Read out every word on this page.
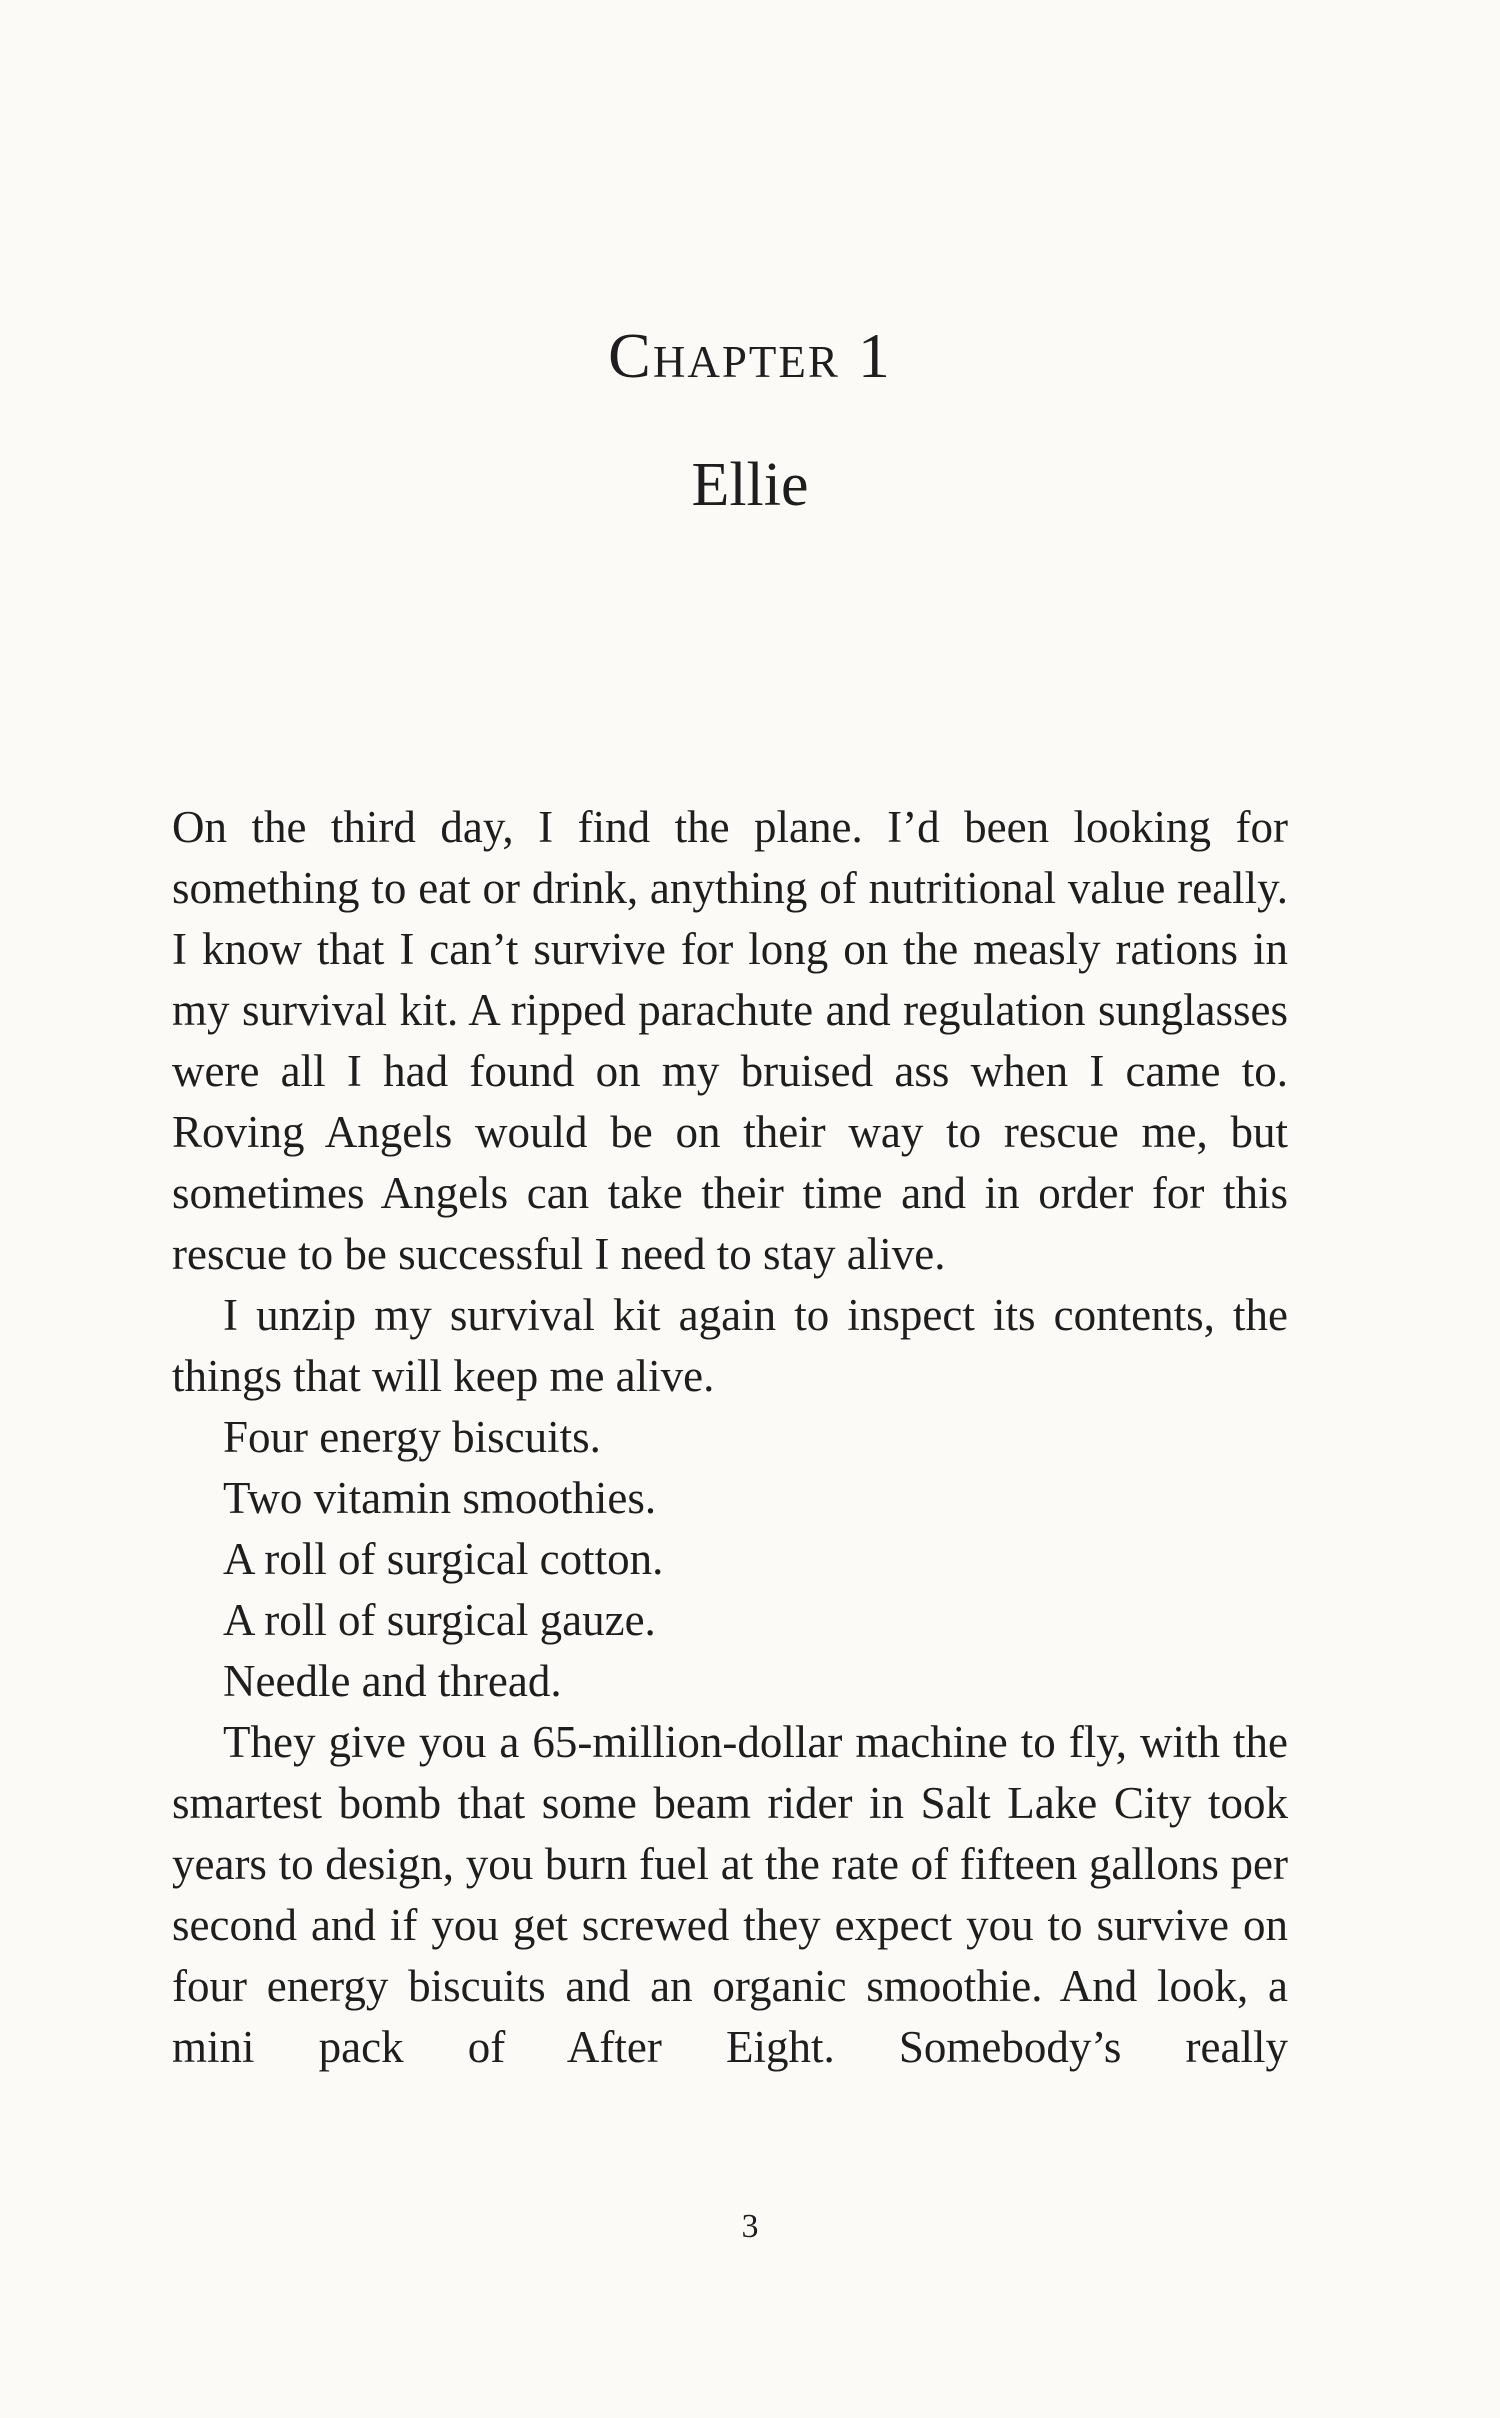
Chapter 1
Ellie

On the third day, I find the plane. I’d been looking for something to eat or drink, anything of nutritional value really. I know that I can’t survive for long on the measly rations in my survival kit. A ripped parachute and regulation sunglasses were all I had found on my bruised ass when I came to. Roving Angels would be on their way to rescue me, but sometimes Angels can take their time and in order for this rescue to be successful I need to stay alive.

I unzip my survival kit again to inspect its contents, the things that will keep me alive.

Four energy biscuits.
Two vitamin smoothies.
A roll of surgical cotton.
A roll of surgical gauze.
Needle and thread.

They give you a 65-million-dollar machine to fly, with the smartest bomb that some beam rider in Salt Lake City took years to design, you burn fuel at the rate of fifteen gallons per second and if you get screwed they expect you to survive on four energy biscuits and an organic smoothie. And look, a mini pack of After Eight. Somebody’s really

3
